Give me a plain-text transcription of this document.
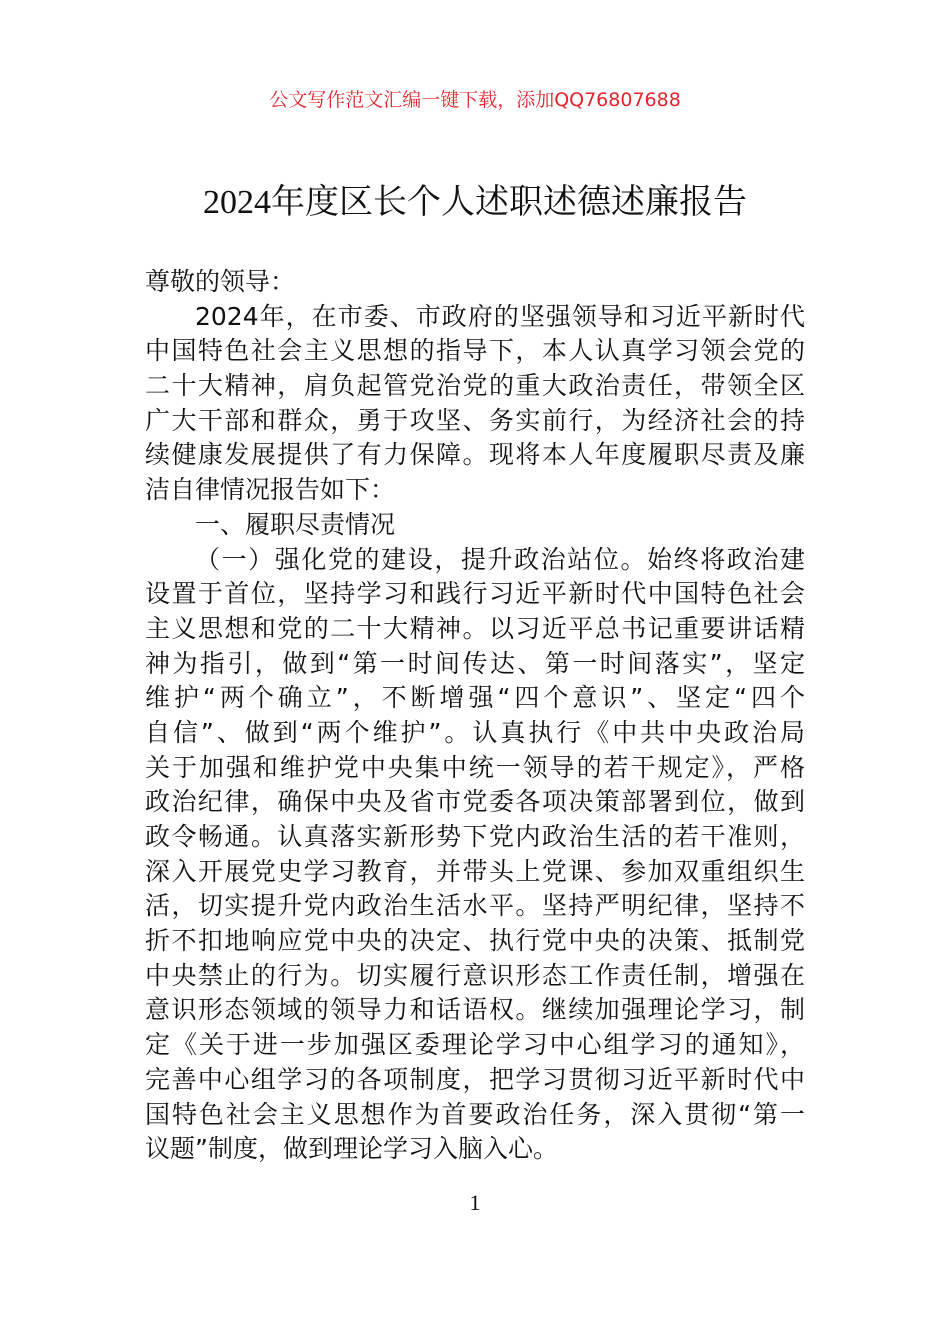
公文写作范文汇编一键下载，添加QQ76807688
2024年度区长个人述职述德述廉报告
尊敬的领导：
2024年，在市委、市政府的坚强领导和习近平新时代
中国特色社会主义思想的指导下，本人认真学习领会党的
二十大精神，肩负起管党治党的重大政治责任，带领全区
广大干部和群众，勇于攻坚、务实前行，为经济社会的持
续健康发展提供了有力保障。现将本人年度履职尽责及廉
洁自律情况报告如下：
一、履职尽责情况
（一）强化党的建设，提升政治站位。始终将政治建
设置于首位，坚持学习和践行习近平新时代中国特色社会
主义思想和党的二十大精神。以习近平总书记重要讲话精
神为指引，做到“第一时间传达、第一时间落实”，坚定
维护“两个确立”，不断增强“四个意识”、坚定“四个
自信”、做到“两个维护”。认真执行《中共中央政治局
关于加强和维护党中央集中统一领导的若干规定》，严格
政治纪律，确保中央及省市党委各项决策部署到位，做到
政令畅通。认真落实新形势下党内政治生活的若干准则，
深入开展党史学习教育，并带头上党课、参加双重组织生
活，切实提升党内政治生活水平。坚持严明纪律，坚持不
折不扣地响应党中央的决定、执行党中央的决策、抵制党
中央禁止的行为。切实履行意识形态工作责任制，增强在
意识形态领域的领导力和话语权。继续加强理论学习，制
定《关于进一步加强区委理论学习中心组学习的通知》，
完善中心组学习的各项制度，把学习贯彻习近平新时代中
国特色社会主义思想作为首要政治任务，深入贯彻“第一
议题”制度，做到理论学习入脑入心。
1
